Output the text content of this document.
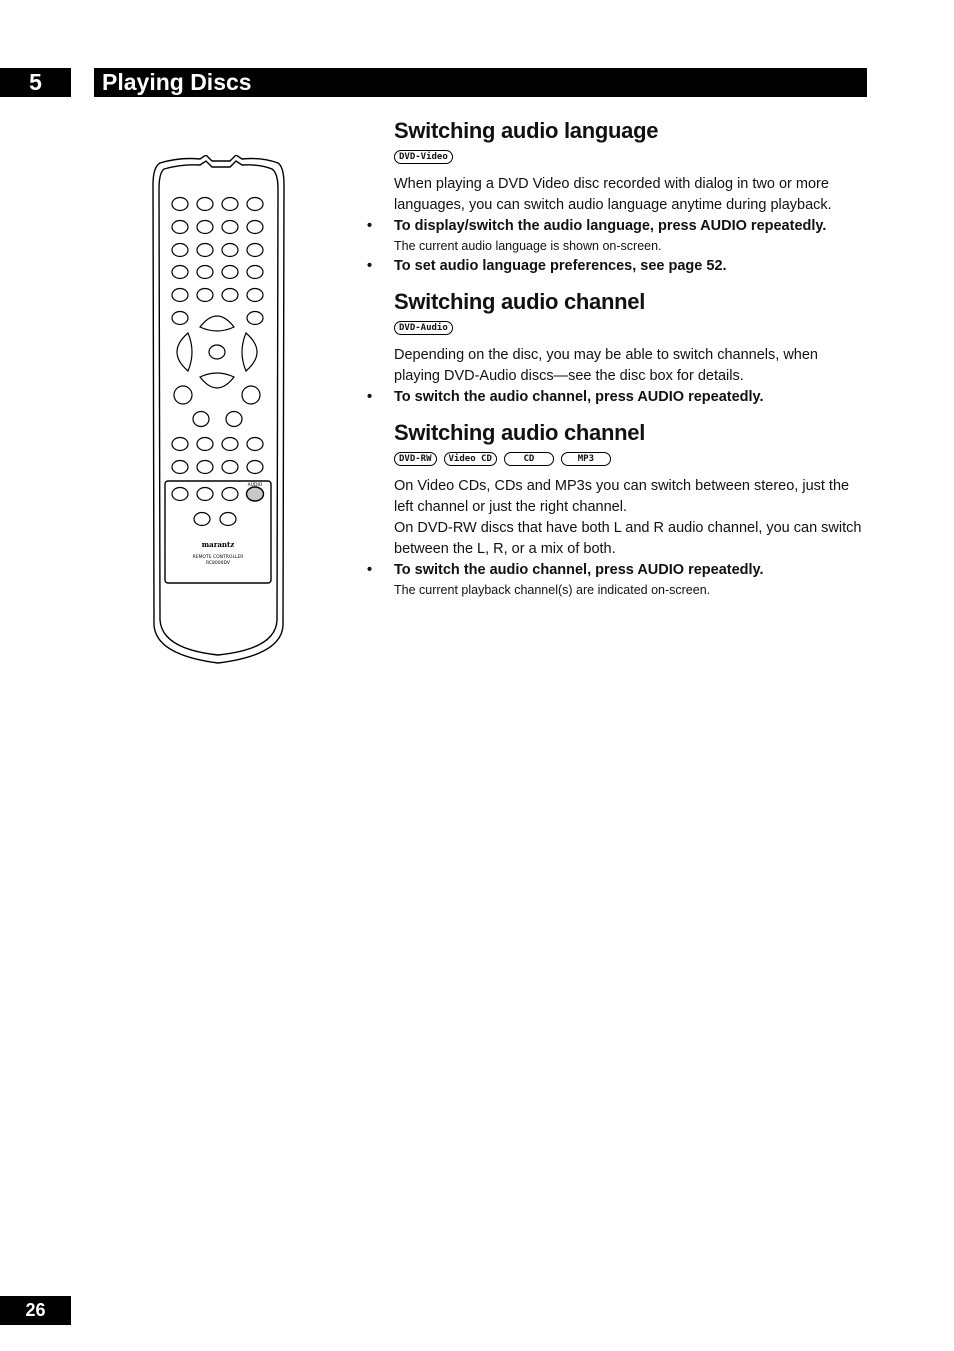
5	Playing Discs
AUDIO
marantz
REMOTE CONTROLLER
RC8000DV
Switching audio language
DVD-Video

When playing a DVD Video disc recorded with dialog in two or more languages, you can switch audio language anytime during playback.

• To display/switch the audio language, press AUDIO repeatedly.

The current audio language is shown on-screen.

• To set audio language preferences, see page 52.

Switching audio channel
DVD-Audio

Depending on the disc, you may be able to switch channels, when playing DVD-Audio discs—see the disc box for details.

• To switch the audio channel, press AUDIO repeatedly.

Switching audio channel
DVD-RW	Video CD	CD	MP3

On Video CDs, CDs and MP3s you can switch between stereo, just the left channel or just the right channel.

On DVD-RW discs that have both L and R audio channel, you can switch between the L, R, or a mix of both.

• To switch the audio channel, press AUDIO repeatedly.

The current playback channel(s) are indicated on-screen.

26
